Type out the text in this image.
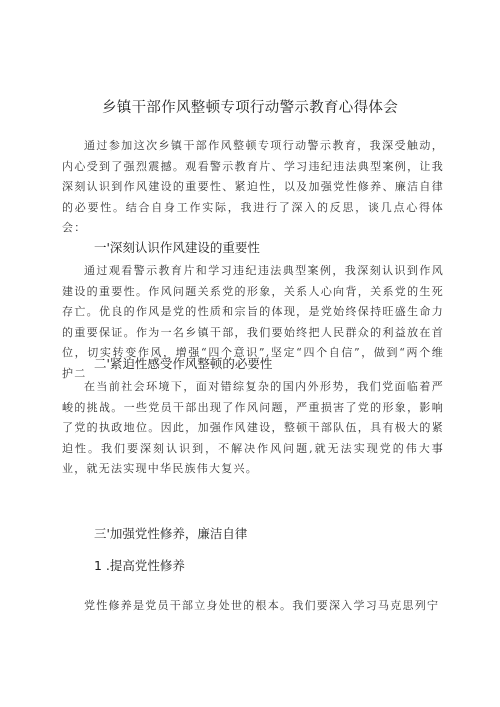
乡镇干部作风整顿专项行动警示教育心得体会

通过参加这次乡镇干部作风整顿专项行动警示教育，我深受触动，内心受到了强烈震撼。观看警示教育片、学习违纪违法典型案例，让我深刻认识到作风建设的重要性、紧迫性，以及加强党性修养、廉洁自律的必要性。结合自身工作实际，我进行了深入的反思，谈几点心得体会：

一'深刻认识作风建设的重要性

通过观看警示教育片和学习违纪违法典型案例，我深刻认识到作风建设的重要性。作风问题关系党的形象，关系人心向背，关系党的生死存亡。优良的作风是党的性质和宗旨的体现，是党始终保持旺盛生命力的重要保证。作为一名乡镇干部，我们要始终把人民群众的利益放在首位，切实转变作风，增强“四个意识”,坚定“四个自信”，做到“两个维护二

二'紧迫性感受作风整顿的必要性

在当前社会环境下，面对错综复杂的国内外形势，我们党面临着严峻的挑战。一些党员干部出现了作风问题，严重损害了党的形象，影响了党的执政地位。因此，加强作风建设，整顿干部队伍，具有极大的紧迫性。我们要深刻认识到，不解决作风问题,就无法实现党的伟大事业，就无法实现中华民族伟大复兴。

三'加强党性修养，廉洁自律
1 .提高党性修养

党性修养是党员干部立身处世的根本。我们要深入学习马克思列宁
